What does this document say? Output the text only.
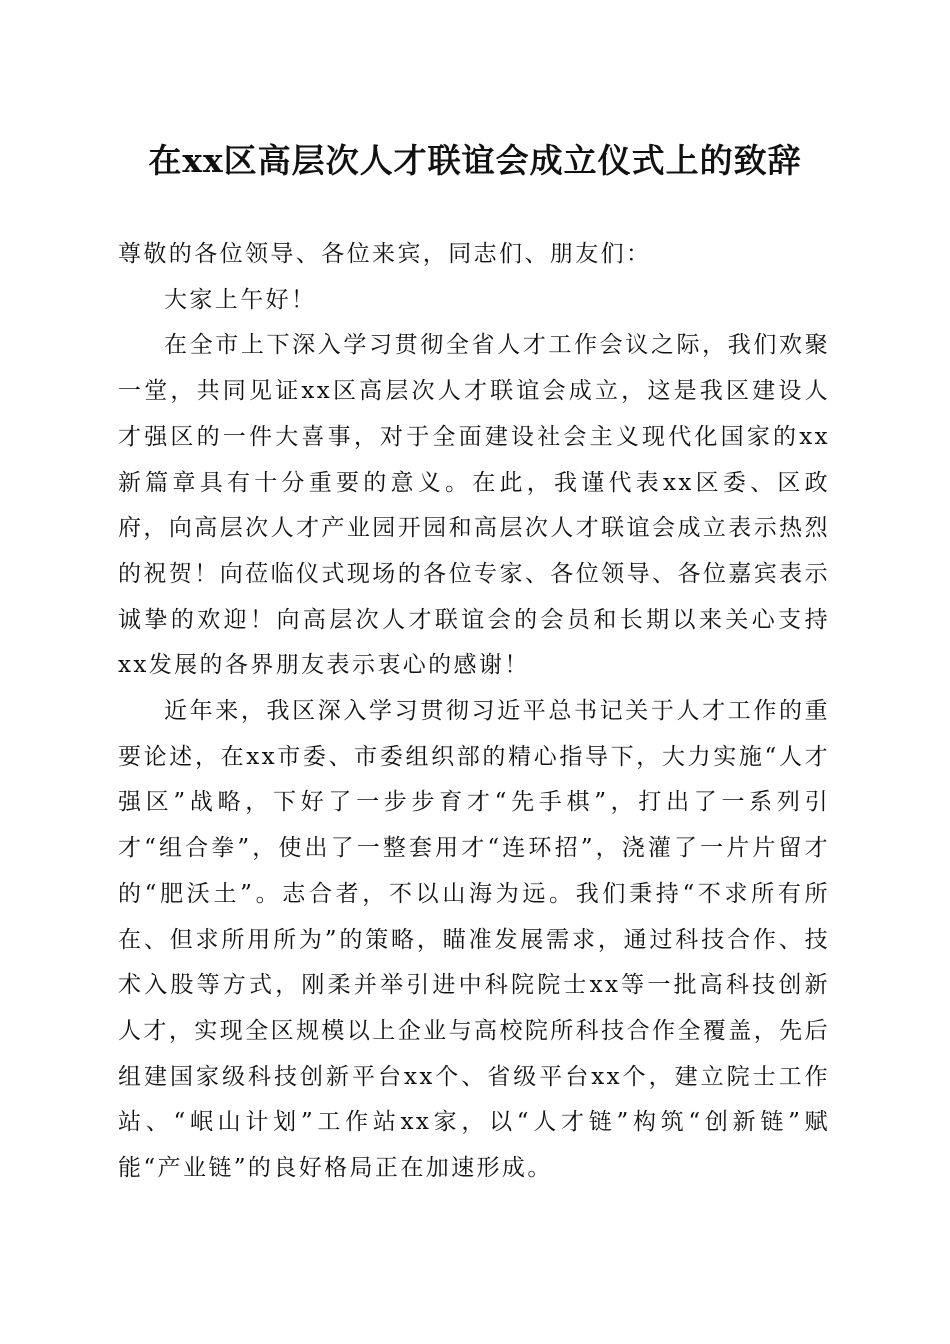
在xx区高层次人才联谊会成立仪式上的致辞

尊敬的各位领导、各位来宾，同志们、朋友们：

大家上午好！

在全市上下深入学习贯彻全省人才工作会议之际，我们欢聚一堂，共同见证xx区高层次人才联谊会成立，这是我区建设人才强区的一件大喜事，对于全面建设社会主义现代化国家的xx新篇章具有十分重要的意义。在此，我谨代表xx区委、区政府，向高层次人才产业园开园和高层次人才联谊会成立表示热烈的祝贺！向莅临仪式现场的各位专家、各位领导、各位嘉宾表示诚挚的欢迎！向高层次人才联谊会的会员和长期以来关心支持xx发展的各界朋友表示衷心的感谢！

近年来，我区深入学习贯彻习近平总书记关于人才工作的重要论述，在xx市委、市委组织部的精心指导下，大力实施“人才强区”战略，下好了一步步育才“先手棋”，打出了一系列引才“组合拳”，使出了一整套用才“连环招”，浇灌了一片片留才的“肥沃土”。志合者，不以山海为远。我们秉持“不求所有所在、但求所用所为”的策略，瞄准发展需求，通过科技合作、技术入股等方式，刚柔并举引进中科院院士xx等一批高科技创新人才，实现全区规模以上企业与高校院所科技合作全覆盖，先后组建国家级科技创新平台xx个、省级平台xx个，建立院士工作站、“岷山计划”工作站xx家，以“人才链”构筑“创新链”赋能“产业链”的良好格局正在加速形成。
